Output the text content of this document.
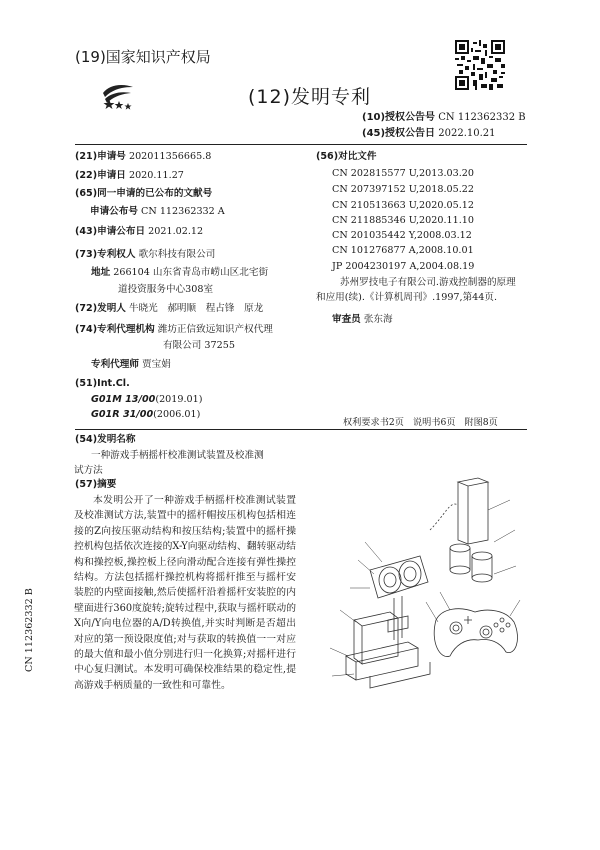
(19)国家知识产权局
(12)发明专利
(10)授权公告号 CN 112362332 B
(45)授权公告日 2022.10.21
(21)申请号 202011356665.8
(22)申请日 2020.11.27
(65)同一申请的已公布的文献号
申请公布号 CN 112362332 A
(43)申请公布日 2021.02.12
(73)专利权人 歌尔科技有限公司
地址 266104 山东省青岛市崂山区北宅街
道投资服务中心308室
(72)发明人 牛晓光　郝明顺　程占锋　原龙
(74)专利代理机构 潍坊正信致远知识产权代理
有限公司 37255
专利代理师 贾宝娟
(51)Int.Cl.
G01M 13/00(2019.01)
G01R 31/00(2006.01)
(56)对比文件
CN 202815577 U,2013.03.20
CN 207397152 U,2018.05.22
CN 210513663 U,2020.05.12
CN 211885346 U,2020.11.10
CN 201035442 Y,2008.03.12
CN 101276877 A,2008.10.01
JP 2004230197 A,2004.08.19
苏州罗技电子有限公司.游戏控制器的原理
和应用(续).《计算机周刊》.1997,第44页.
审查员 张东海
权利要求书2页 说明书6页 附图8页
(54)发明名称
一种游戏手柄摇杆校准测试装置及校准测
试方法
(57)摘要
本发明公开了一种游戏手柄摇杆校准测试装置及校准测试方法,装置中的摇杆帽按压机构包括相连接的Z向按压驱动结构和按压结构;装置中的摇杆操控机构包括依次连接的X-Y向驱动结构、翻转驱动结构和操控板,操控板上径向滑动配合连接有弹性操控结构。方法包括摇杆操控机构将摇杆推至与摇杆安装腔的内壁面接触,然后使摇杆沿着摇杆安装腔的内壁面进行360度旋转;旋转过程中,获取与摇杆联动的X向/Y向电位器的A/D转换值,并实时判断是否超出对应的第一预设限度值;对与获取的转换值一一对应的最大值和最小值分别进行归一化换算;对摇杆进行中心复归测试。本发明可确保校准结果的稳定性,提高游戏手柄质量的一致性和可靠性。
CN 112362332 B
